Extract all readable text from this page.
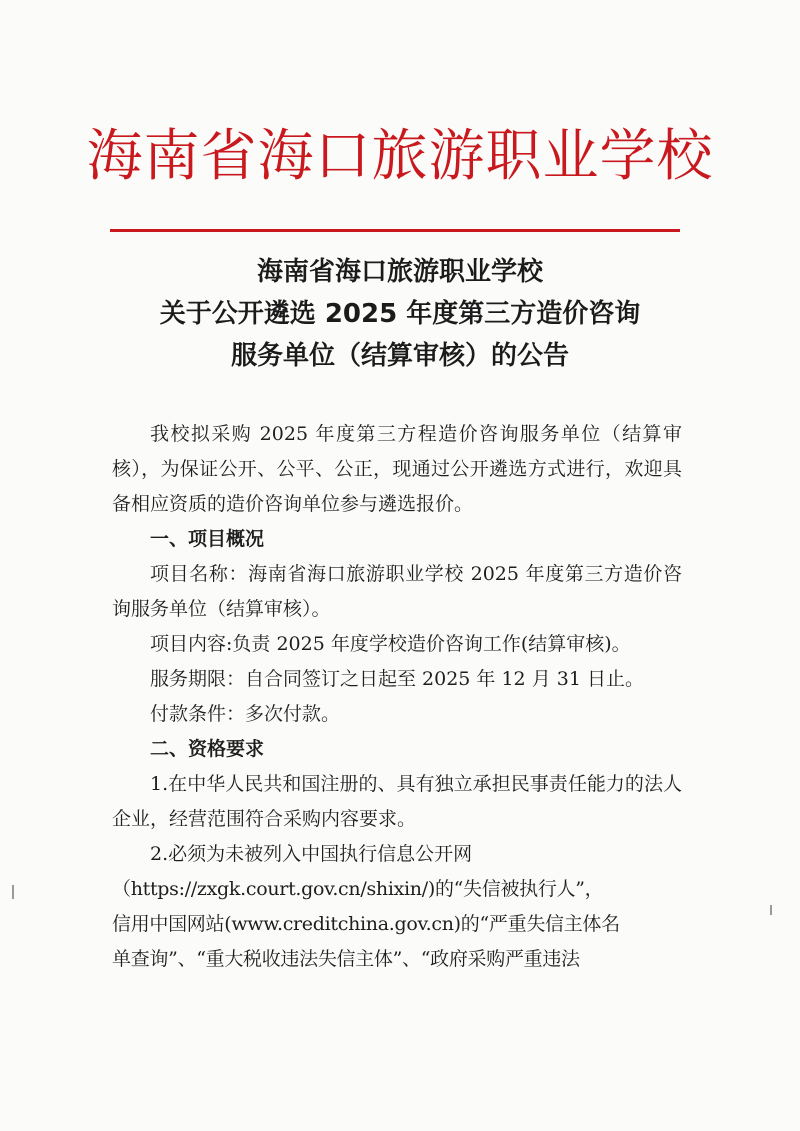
海南省海口旅游职业学校
海南省海口旅游职业学校
关于公开遴选 2025 年度第三方造价咨询
服务单位（结算审核）的公告

我校拟采购 2025 年度第三方程造价咨询服务单位（结算审核），为保证公开、公平、公正，现通过公开遴选方式进行，欢迎具备相应资质的造价咨询单位参与遴选报价。

一、项目概况

项目名称：海南省海口旅游职业学校 2025 年度第三方造价咨询服务单位（结算审核）。

项目内容:负责 2025 年度学校造价咨询工作(结算审核)。

服务期限：自合同签订之日起至 2025 年 12 月 31 日止。

付款条件：多次付款。

二、资格要求

1.在中华人民共和国注册的、具有独立承担民事责任能力的法人企业，经营范围符合采购内容要求。

2.必须为未被列入中国执行信息公开网

（https://zxgk.court.gov.cn/shixin/)的“失信被执行人”，

信用中国网站(www.creditchina.gov.cn)的“严重失信主体名

单查询”、“重大税收违法失信主体”、“政府采购严重违法
